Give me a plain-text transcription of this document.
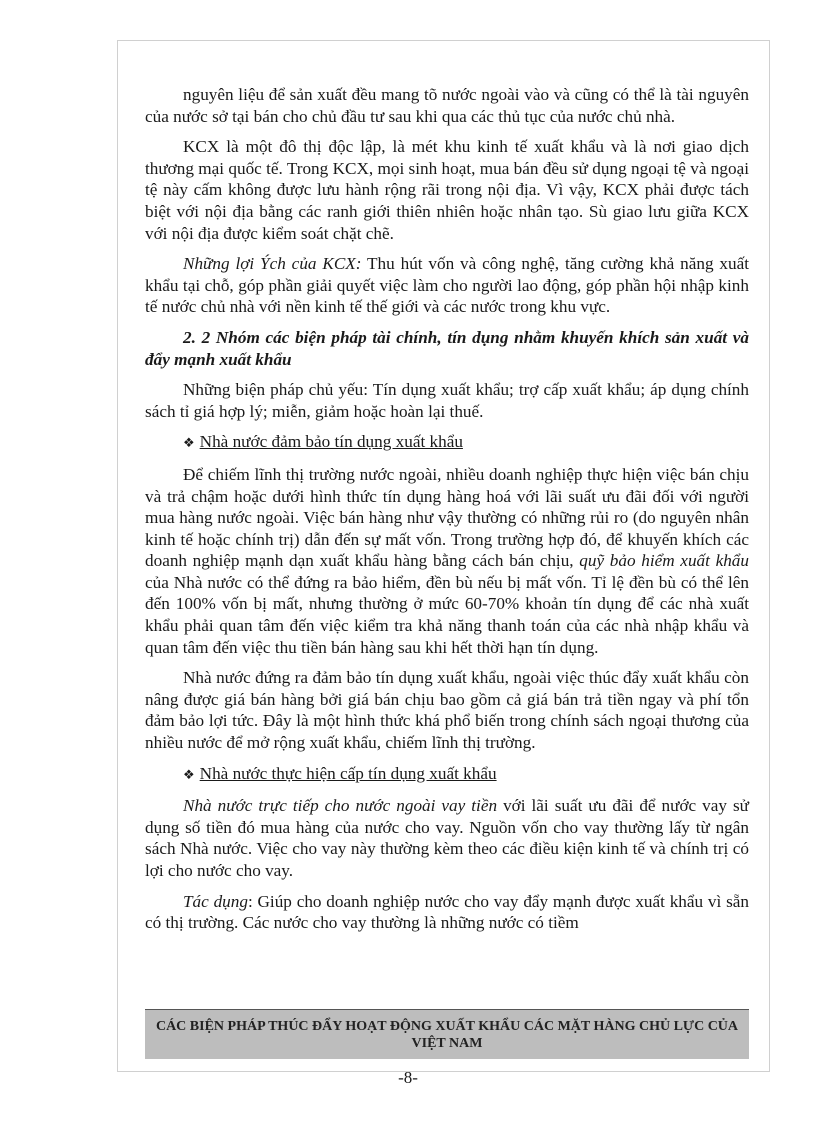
nguyên liệu để sản xuất đều mang tõ nước ngoài vào và cũng có thể là tài nguyên của nước sở tại bán cho chủ đầu tư sau khi qua các thủ tục của nước chủ nhà.

KCX là một đô thị độc lập, là mét khu kinh tế xuất khẩu và là nơi giao dịch thương mại quốc tế. Trong KCX, mọi sinh hoạt, mua bán đều sử dụng ngoại tệ và ngoại tệ này cấm không được lưu hành rộng rãi trong nội địa. Vì vậy, KCX phải được tách biệt với nội địa bằng các ranh giới thiên nhiên hoặc nhân tạo. Sù giao lưu giữa KCX với nội địa được kiểm soát chặt chẽ.

Những lợi Ých của KCX: Thu hút vốn và công nghệ, tăng cường khả năng xuất khẩu tại chỗ, góp phần giải quyết việc làm cho người lao động, góp phần hội nhập kinh tế nước chủ nhà với nền kinh tế thế giới và các nước trong khu vực.

2. 2 Nhóm các biện pháp tài chính, tín dụng nhằm khuyến khích sản xuất và đẩy mạnh xuất khẩu

Những biện pháp chủ yếu: Tín dụng xuất khẩu; trợ cấp xuất khẩu; áp dụng chính sách tỉ giá hợp lý; miễn, giảm hoặc hoàn lại thuế.

❖ Nhà nước đảm bảo tín dụng xuất khẩu

Để chiếm lĩnh thị trường nước ngoài, nhiều doanh nghiệp thực hiện việc bán chịu và trả chậm hoặc dưới hình thức tín dụng hàng hoá với lãi suất ưu đãi đối với người mua hàng nước ngoài. Việc bán hàng như vậy thường có những rủi ro (do nguyên nhân kinh tế hoặc chính trị) dẫn đến sự mất vốn. Trong trường hợp đó, để khuyến khích các doanh nghiệp mạnh dạn xuất khẩu hàng bằng cách bán chịu, quỹ bảo hiểm xuất khẩu của Nhà nước có thể đứng ra bảo hiểm, đền bù nếu bị mất vốn. Tỉ lệ đền bù có thể lên đến 100% vốn bị mất, nhưng thường ở mức 60-70% khoản tín dụng để các nhà xuất khẩu phải quan tâm đến việc kiểm tra khả năng thanh toán của các nhà nhập khẩu và quan tâm đến việc thu tiền bán hàng sau khi hết thời hạn tín dụng.

Nhà nước đứng ra đảm bảo tín dụng xuất khẩu, ngoài việc thúc đẩy xuất khẩu còn nâng được giá bán hàng bởi giá bán chịu bao gồm cả giá bán trả tiền ngay và phí tổn đảm bảo lợi tức. Đây là một hình thức khá phổ biến trong chính sách ngoại thương của nhiều nước để mở rộng xuất khẩu, chiếm lĩnh thị trường.

❖ Nhà nước thực hiện cấp tín dụng xuất khẩu

Nhà nước trực tiếp cho nước ngoài vay tiền với lãi suất ưu đãi để nước vay sử dụng số tiền đó mua hàng của nước cho vay. Nguồn vốn cho vay thường lấy từ ngân sách Nhà nước. Việc cho vay này thường kèm theo các điều kiện kinh tế và chính trị có lợi cho nước cho vay.

Tác dụng: Giúp cho doanh nghiệp nước cho vay đẩy mạnh được xuất khẩu vì sẵn có thị trường. Các nước cho vay thường là những nước có tiềm

CÁC BIỆN PHÁP THÚC ĐẨY HOẠT ĐỘNG XUẤT KHẨU CÁC MẶT HÀNG CHỦ LỰC CỦA VIỆT NAM
-8-
